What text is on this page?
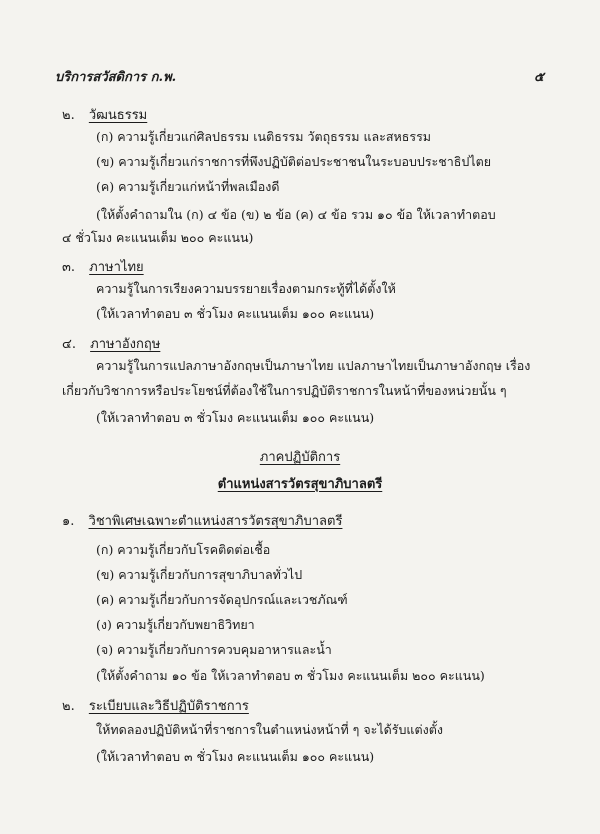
บริการสวัสดิการ ก.พ.	๕
๒. วัฒนธรรม
(ก) ความรู้เกี่ยวแก่ศิลปธรรม เนติธรรม วัตถุธรรม และสหธรรม
(ข) ความรู้เกี่ยวแก่ราชการที่พึงปฏิบัติต่อประชาชนในระบอบประชาธิปไตย
(ค) ความรู้เกี่ยวแก่หน้าที่พลเมืองดี
(ให้ตั้งคำถามใน (ก) ๔ ข้อ (ข) ๒ ข้อ (ค) ๔ ข้อ รวม ๑๐ ข้อ ให้เวลาทำตอบ
๔ ชั่วโมง คะแนนเต็ม ๒๐๐ คะแนน)
๓. ภาษาไทย
ความรู้ในการเรียงความบรรยายเรื่องตามกระทู้ที่ได้ตั้งให้
(ให้เวลาทำตอบ ๓ ชั่วโมง คะแนนเต็ม ๑๐๐ คะแนน)
๔. ภาษาอังกฤษ
ความรู้ในการแปลภาษาอังกฤษเป็นภาษาไทย แปลภาษาไทยเป็นภาษาอังกฤษ เรื่อง
เกี่ยวกับวิชาการหรือประโยชน์ที่ต้องใช้ในการปฏิบัติราชการในหน้าที่ของหน่วยนั้น ๆ
(ให้เวลาทำตอบ ๓ ชั่วโมง คะแนนเต็ม ๑๐๐ คะแนน)
ภาคปฏิบัติการ
ตำแหน่งสารวัตรสุขาภิบาลตรี
๑. วิชาพิเศษเฉพาะตำแหน่งสารวัตรสุขาภิบาลตรี
(ก) ความรู้เกี่ยวกับโรคติดต่อเชื้อ
(ข) ความรู้เกี่ยวกับการสุขาภิบาลทั่วไป
(ค) ความรู้เกี่ยวกับการจัดอุปกรณ์และเวชภัณฑ์
(ง) ความรู้เกี่ยวกับพยาธิวิทยา
(จ) ความรู้เกี่ยวกับการควบคุมอาหารและน้ำ
(ให้ตั้งคำถาม ๑๐ ข้อ ให้เวลาทำตอบ ๓ ชั่วโมง คะแนนเต็ม ๒๐๐ คะแนน)
๒. ระเบียบและวิธีปฏิบัติราชการ
ให้ทดลองปฏิบัติหน้าที่ราชการในตำแหน่งหน้าที่ ๆ จะได้รับแต่งตั้ง
(ให้เวลาทำตอบ ๓ ชั่วโมง คะแนนเต็ม ๑๐๐ คะแนน)
